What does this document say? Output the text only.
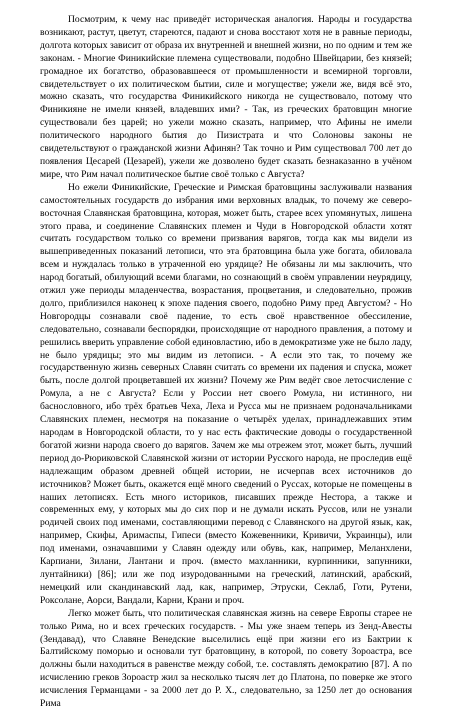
Посмотрим, к чему нас приведёт историческая аналогия. Народы и государства возникают, растут, цветут, стареются, падают и снова воcстают хотя не в равные периоды, долгота которых зависит от образа их внутренней и внешней жизни, но по одним и тем же законам. - Многие Финикийские племена существовали, подобно Швейцарии, без князей; громадное их богатство, образовавшееся от промышленности и всемирной торговли, свидетельствует о их политическом бытии, силе и могуществе; ужели же, видя всё это, можно сказать, что государства Финикийского никогда не существовало, потому что Финикияне не имели князей, владевших ими? - Так, из греческих братовщин многие существовали без царей; но ужели можно сказать, например, что Афины не имели политического народного бытия до Пизистрата и что Солоновы законы не свидетельствуют о гражданской жизни Афинян? Так точно и Рим существовал 700 лет до появления Цесарей (Цезарей), ужели же дозволено будет сказать безнаказанно в учёном мире, что Рим начал политическое бытие своё только с Августа?

Но ежели Финикийские, Греческие и Римская братовщины заслуживали названия самостоятельных государств до избрания ими верховных владык, то почему же северо-восточная Славянская братовщина, которая, может быть, старее всех упомянутых, лишена этого права, и соединение Славянских племен и Чуди в Новгородской области хотят считать государством только со времени призвания варягов, тогда как мы видели из вышеприведенных показаний летописи, что эта братовщина была уже богата, обиловала всем и нуждалась только в утраченной ею урядице? Не обязаны ли мы заключить, что народ богатый, обилующий всеми благами, но сознающий в своём управлении неурядицу, отжил уже периоды младенчества, возрастания, процветания, и следовательно, прожив долго, приблизился наконец к эпохе падения своего, подобно Риму пред Августом? - Но Новгородцы сознавали своё падение, то есть своё нравственное обессиление, следовательно, сознавали беспорядки, происходящие от народного правления, а потому и решились вверить управление собой единовластию, ибо в демократизме уже не было ладу, не было урядицы; это мы видим из летописи. - А если это так, то почему же государственную жизнь северных Славян считать со времени их падения и спуска, может быть, после долгой процветавшей их жизни? Почему же Рим ведёт свое летосчисление с Ромула, а не с Августа? Если у России нет своего Ромула, ни истинного, ни баснословного, ибо трёх братьев Чеха, Леха и Русса мы не признаем родоначальниками Славянских племен, несмотря на показание о четырёх уделах, принадлежавших этим народам в Новгородской области, то у нас есть фактические доводы о государственной богатой жизни народа своего до варягов. Зачем же мы отрежем этот, может быть, лучший период до-Рюриковской Славянской жизни от истории Русского народа, не проследив ещё надлежащим образом древней общей истории, не исчерпав всех источников до источников? Может быть, окажется ещё много сведений о Руссах, которые не помещены в наших летописях. Есть много историков, писавших прежде Нестора, а также и современных ему, у которых мы до сих пор и не думали искать Руссов, или не узнали родичей своих под именами, составляющими перевод с Славянского на другой язык, как, например, Скифы, Аримаспы, Гипеси (вместо Кожевенники, Кривичи, Украинцы), или под именами, означавшими у Славян одежду или обувь, как, например, Меланхлени, Карпиани, Зилани, Лантани и проч. (вместо махланники, курпинники, запунники, лунтайники) [86]; или же под изуродованными на греческий, латинский, арабский, немецкий или скандинавский лад, как, например, Этруски, Секлаб, Готи, Рутени, Роксолане, Аорси, Вандали, Карни, Крани и проч.

Легко может быть, что политическая славянская жизнь на севере Европы старее не только Рима, но и всех греческих государств. - Мы уже знаем теперь из Зенд-Авесты (Зендавад), что Славяне Венедские выселились ещё при жизни его из Бактрии к Балтийскому поморью и основали тут братовщину, в которой, по совету Зороастра, все должны были находиться в равенстве между собой, т.е. составлять демократию [87]. А по исчислению греков Зороастр жил за несколько тысяч лет до Платона, по поверке же этого исчисления Германцами - за 2000 лет до Р. Х., следовательно, за 1250 лет до основания Рима
